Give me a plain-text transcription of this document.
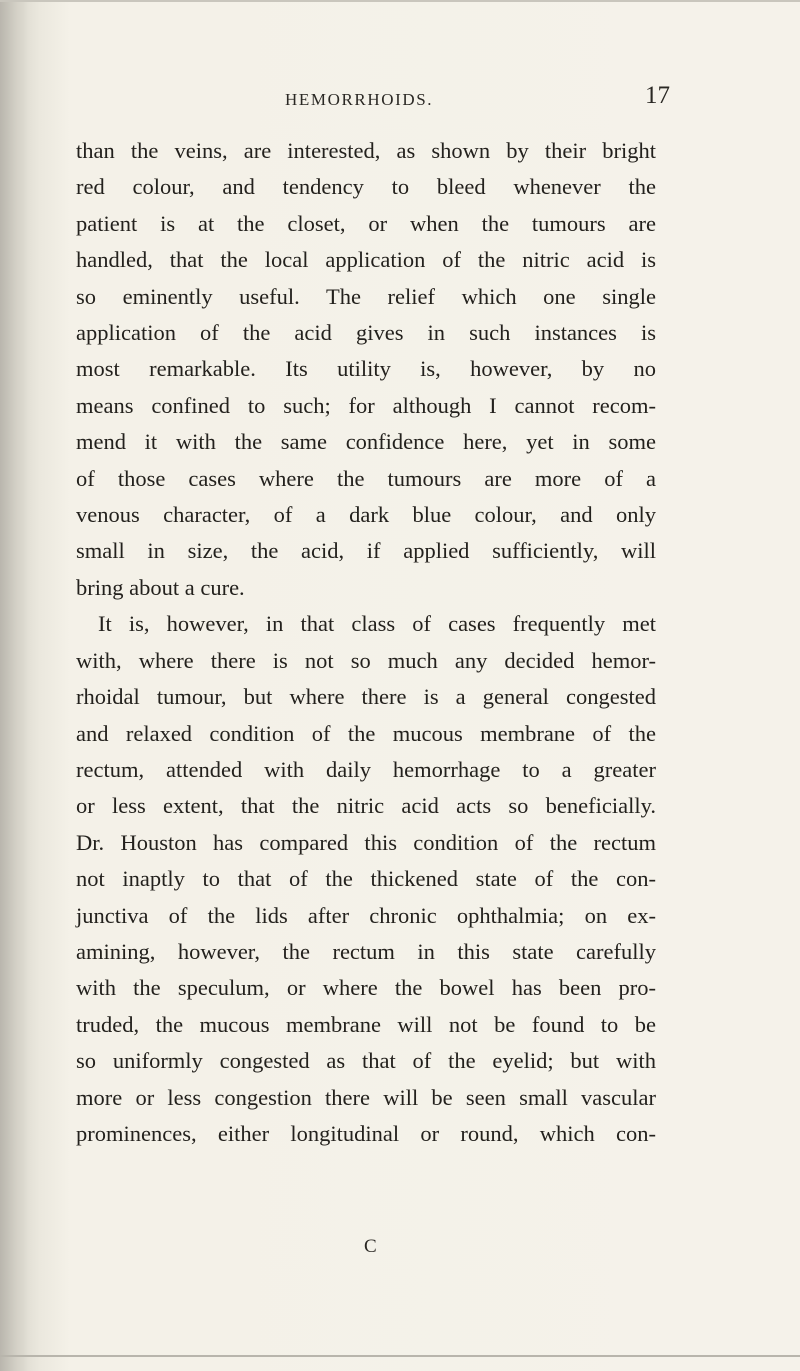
HEMORRHOIDS.	17
than the veins, are interested, as shown by their bright
red colour, and tendency to bleed whenever the
patient is at the closet, or when the tumours are
handled, that the local application of the nitric acid is
so eminently useful. The relief which one single
application of the acid gives in such instances is
most remarkable. Its utility is, however, by no
means confined to such; for although I cannot recom-
mend it with the same confidence here, yet in some
of those cases where the tumours are more of a
venous character, of a dark blue colour, and only
small in size, the acid, if applied sufficiently, will
bring about a cure.
It is, however, in that class of cases frequently met
with, where there is not so much any decided hemor-
rhoidal tumour, but where there is a general congested
and relaxed condition of the mucous membrane of the
rectum, attended with daily hemorrhage to a greater
or less extent, that the nitric acid acts so beneficially.
Dr. Houston has compared this condition of the rectum
not inaptly to that of the thickened state of the con-
junctiva of the lids after chronic ophthalmia; on ex-
amining, however, the rectum in this state carefully
with the speculum, or where the bowel has been pro-
truded, the mucous membrane will not be found to be
so uniformly congested as that of the eyelid; but with
more or less congestion there will be seen small vascular
prominences, either longitudinal or round, which con-
C
